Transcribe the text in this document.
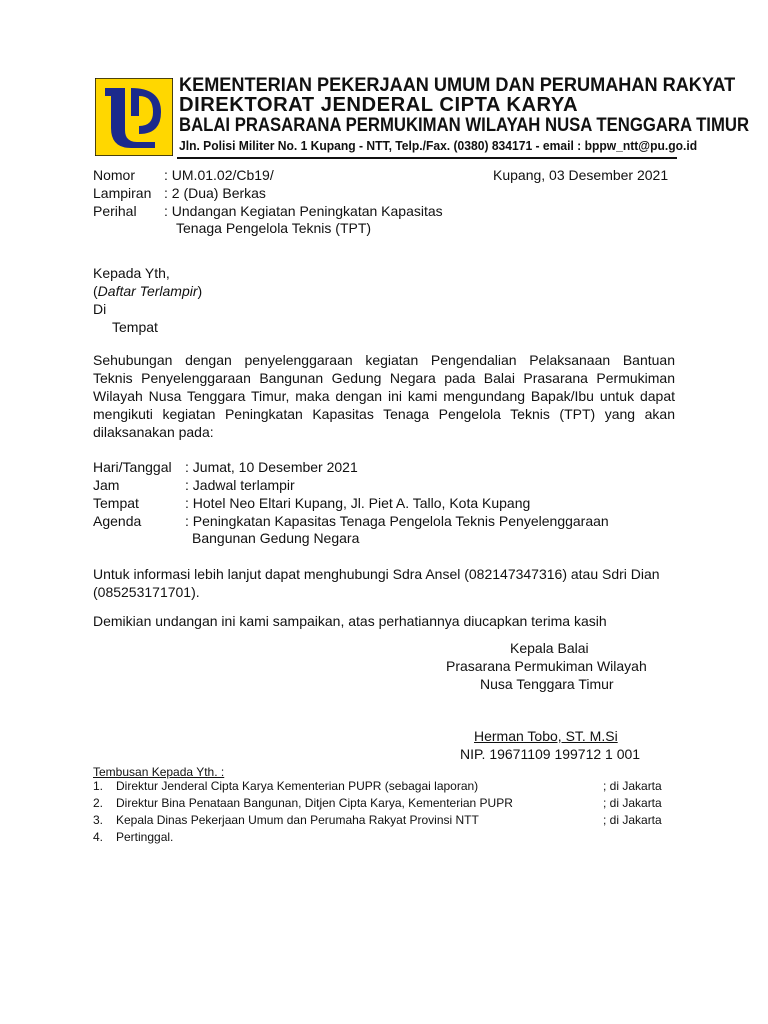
KEMENTERIAN PEKERJAAN UMUM DAN PERUMAHAN RAKYAT
DIREKTORAT JENDERAL CIPTA KARYA
BALAI PRASARANA PERMUKIMAN WILAYAH NUSA TENGGARA TIMUR
Jln. Polisi Militer No. 1 Kupang - NTT, Telp./Fax. (0380) 834171 - email : bppw_ntt@pu.go.id
Nomor : UM.01.02/Cb19/	Kupang, 03 Desember 2021
Lampiran : 2 (Dua) Berkas
Perihal : Undangan Kegiatan Peningkatan Kapasitas
Tenaga Pengelola Teknis (TPT)
Kepada Yth,
(Daftar Terlampir)
Di
Tempat
Sehubungan dengan penyelenggaraan kegiatan Pengendalian Pelaksanaan Bantuan
Teknis Penyelenggaraan Bangunan Gedung Negara pada Balai Prasarana Permukiman
Wilayah Nusa Tenggara Timur, maka dengan ini kami mengundang Bapak/Ibu untuk dapat
mengikuti kegiatan Peningkatan Kapasitas Tenaga Pengelola Teknis (TPT) yang akan
dilaksanakan pada:
Hari/Tanggal : Jumat, 10 Desember 2021
Jam	: Jadwal terlampir
Tempat	: Hotel Neo Eltari Kupang, Jl. Piet A. Tallo, Kota Kupang
Agenda	: Peningkatan Kapasitas Tenaga Pengelola Teknis Penyelenggaraan
Bangunan Gedung Negara
Untuk informasi lebih lanjut dapat menghubungi Sdra Ansel (082147347316) atau Sdri Dian
(085253171701).
Demikian undangan ini kami sampaikan, atas perhatiannya diucapkan terima kasih
Kepala Balai
Prasarana Permukiman Wilayah
Nusa Tenggara Timur
Herman Tobo, ST. M.Si
NIP. 19671109 199712 1 001
Tembusan Kepada Yth. :
1. Direktur Jenderal Cipta Karya Kementerian PUPR (sebagai laporan)	; di Jakarta
2. Direktur Bina Penataan Bangunan, Ditjen Cipta Karya, Kementerian PUPR	; di Jakarta
3. Kepala Dinas Pekerjaan Umum dan Perumaha Rakyat Provinsi NTT	; di Jakarta
4. Pertinggal.
